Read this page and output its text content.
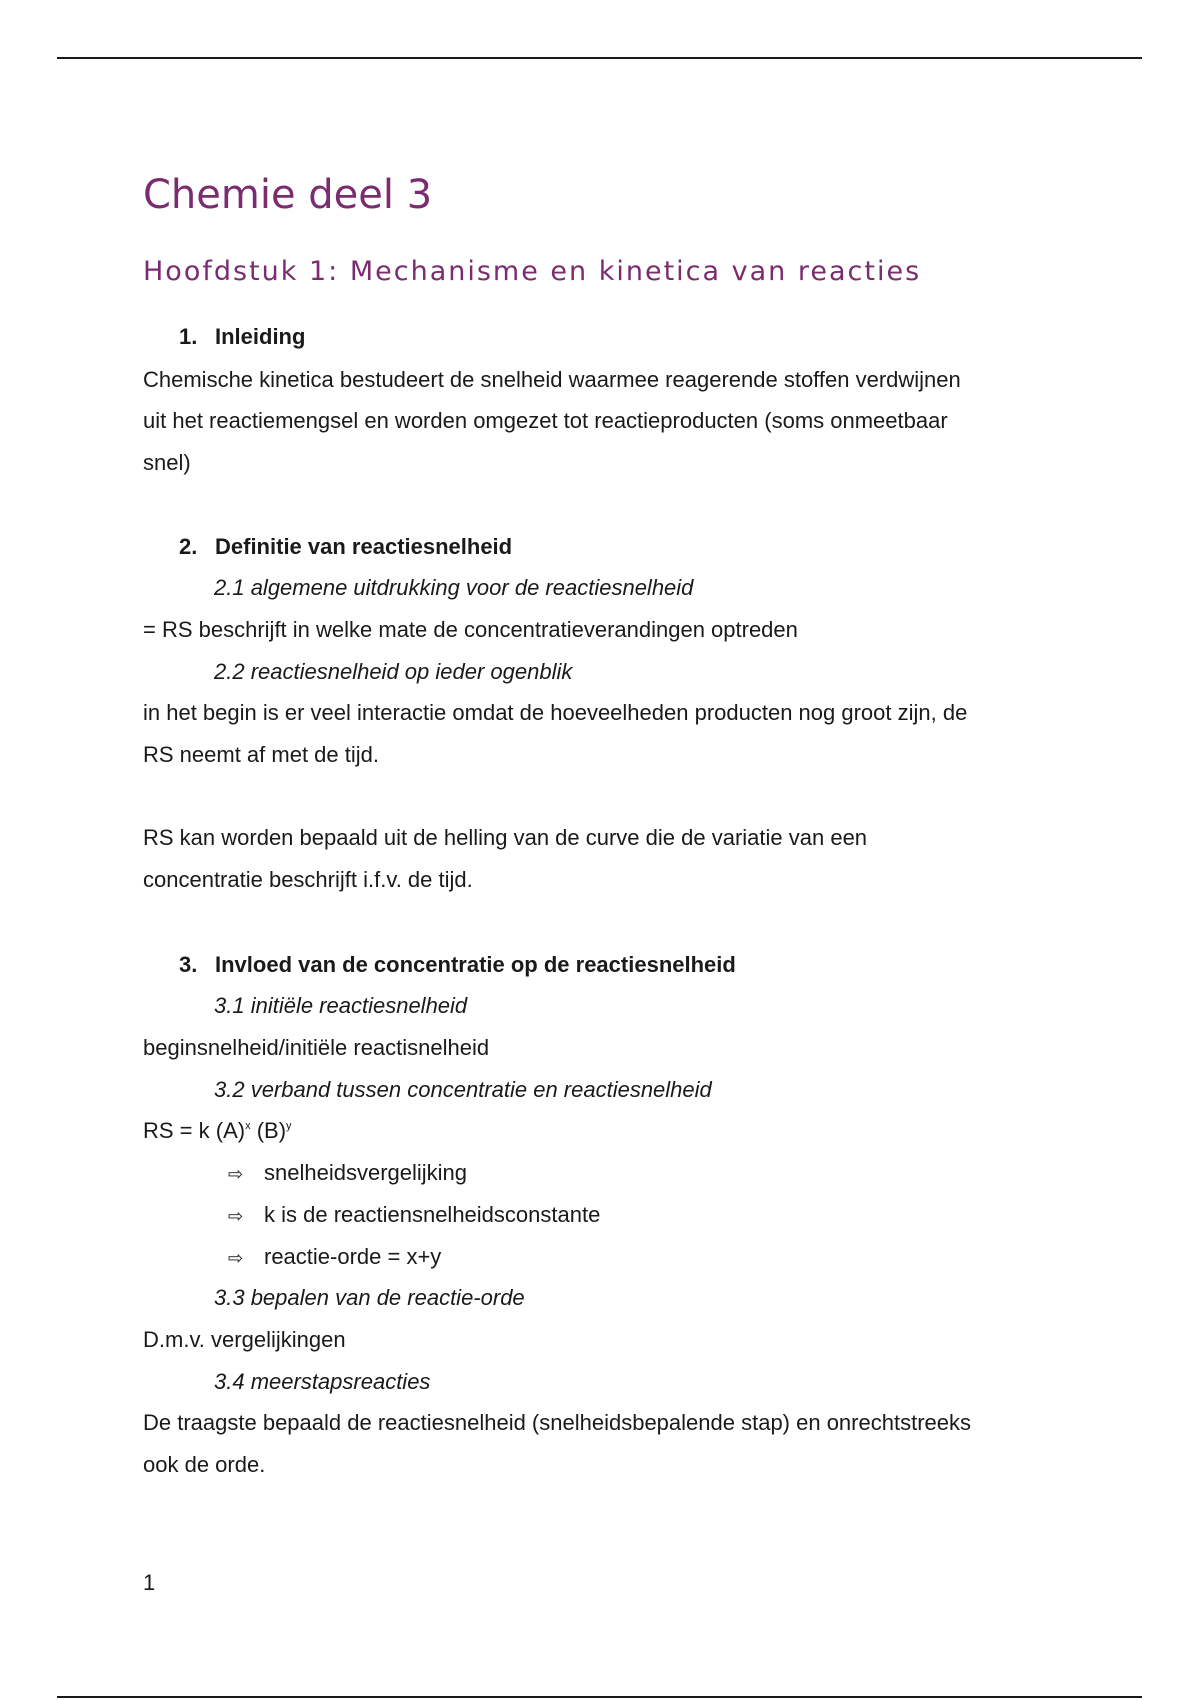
Chemie deel 3
Hoofdstuk 1: Mechanisme en kinetica van reacties
1. Inleiding
Chemische kinetica bestudeert de snelheid waarmee reagerende stoffen verdwijnen
uit het reactiemengsel en worden omgezet tot reactieproducten (soms onmeetbaar
snel)
2. Definitie van reactiesnelheid
2.1 algemene uitdrukking voor de reactiesnelheid
= RS beschrijft in welke mate de concentratieverandingen optreden
2.2 reactiesnelheid op ieder ogenblik
in het begin is er veel interactie omdat de hoeveelheden producten nog groot zijn, de
RS neemt af met de tijd.
RS kan worden bepaald uit de helling van de curve die de variatie van een
concentratie beschrijft i.f.v. de tijd.
3. Invloed van de concentratie op de reactiesnelheid
3.1 initiële reactiesnelheid
beginsnelheid/initiële reactisnelheid
3.2 verband tussen concentratie en reactiesnelheid
RS = k $(A)^x$ $(B)^y$
⇨ snelheidsvergelijking
⇨ k is de reactiensnelheidsconstante
⇨ reactie-orde = x+y
3.3 bepalen van de reactie-orde
D.m.v. vergelijkingen
3.4 meerstapsreacties
De traagste bepaald de reactiesnelheid (snelheidsbepalende stap) en onrechtstreeks
ook de orde.
1
